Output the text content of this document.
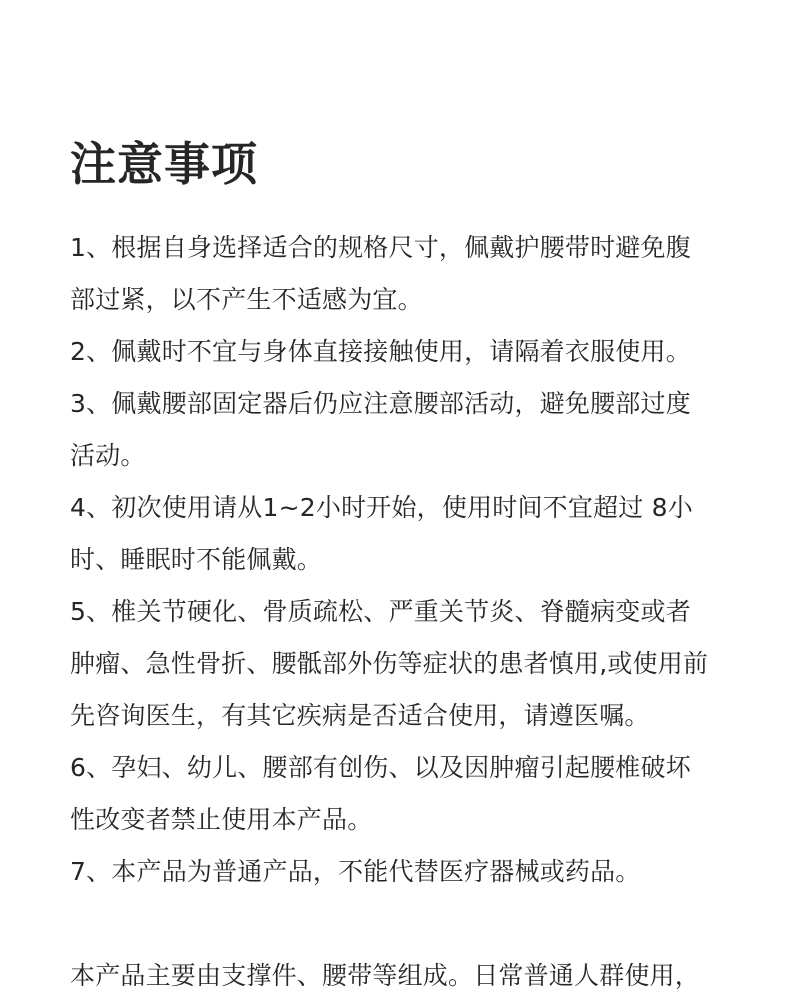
注意事项
1、根据自身选择适合的规格尺寸，佩戴护腰带时避免腹
部过紧，以不产生不适感为宜。
2、佩戴时不宜与身体直接接触使用，请隔着衣服使用。
3、佩戴腰部固定器后仍应注意腰部活动，避免腰部过度
活动。
4、初次使用请从1~2小时开始，使用时间不宜超过 8小
时、睡眠时不能佩戴。
5、椎关节硬化、骨质疏松、严重关节炎、脊髓病变或者
肿瘤、急性骨折、腰骶部外伤等症状的患者慎用,或使用前
先咨询医生，有其它疾病是否适合使用，请遵医嘱。
6、孕妇、幼儿、腰部有创伤、以及因肿瘤引起腰椎破坏
性改变者禁止使用本产品。
7、本产品为普通产品，不能代替医疗器械或药品。

本产品主要由支撑件、腰带等组成。日常普通人群使用，
